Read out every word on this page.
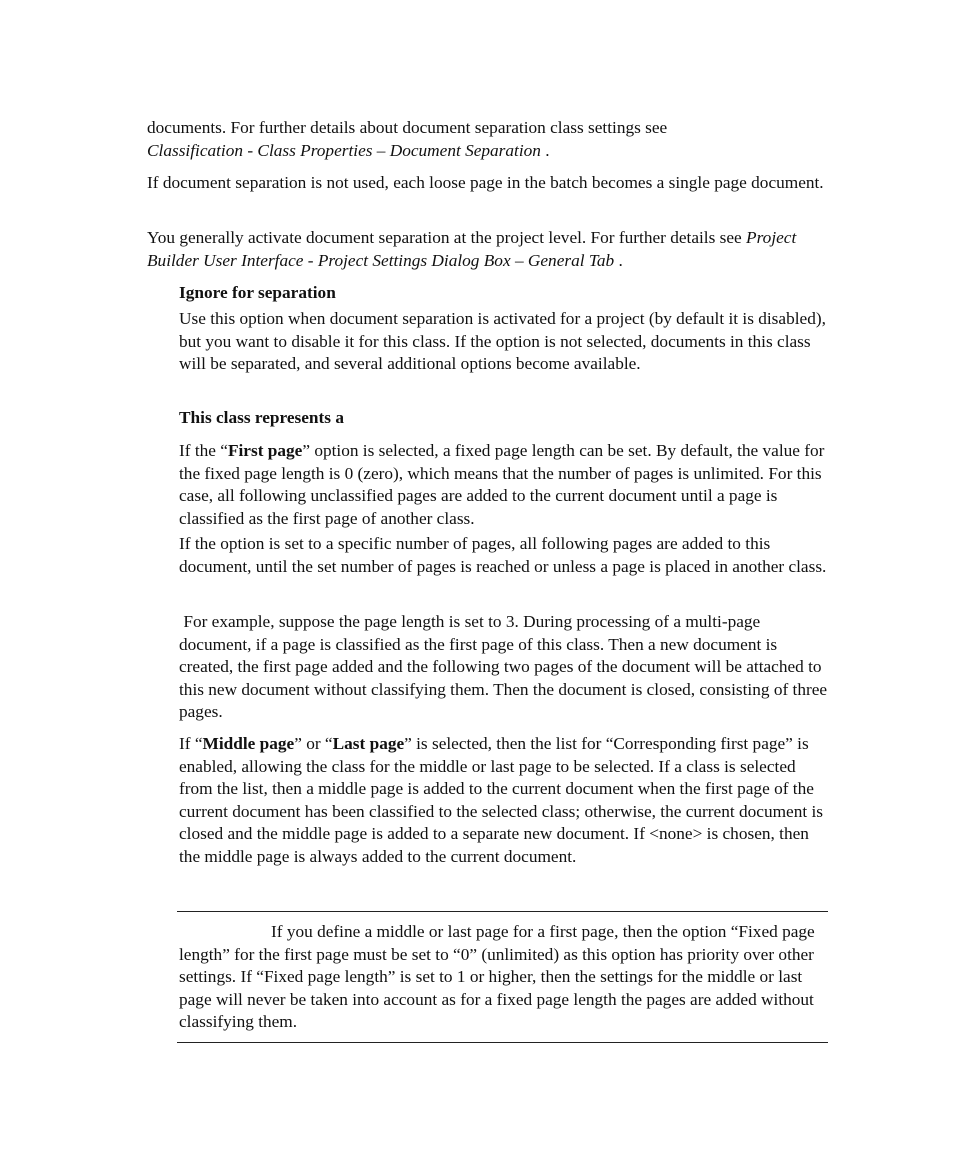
documents. For further details about document separation class settings see
Classification - Class Properties – Document Separation .

If document separation is not used, each loose page in the batch becomes a single page document.

You generally activate document separation at the project level. For further details see Project Builder User Interface - Project Settings Dialog Box – General Tab .

Ignore for separation

Use this option when document separation is activated for a project (by default it is disabled), but you want to disable it for this class. If the option is not selected, documents in this class will be separated, and several additional options become available.

This class represents a

If the “First page” option is selected, a fixed page length can be set. By default, the value for the fixed page length is 0 (zero), which means that the number of pages is unlimited. For this case, all following unclassified pages are added to the current document until a page is classified as the first page of another class.

If the option is set to a specific number of pages, all following pages are added to this document, until the set number of pages is reached or unless a page is placed in another class.

For example, suppose the page length is set to 3. During processing of a multi-page document, if a page is classified as the first page of this class. Then a new document is created, the first page added and the following two pages of the document will be attached to this new document without classifying them. Then the document is closed, consisting of three pages.

If “Middle page” or “Last page” is selected, then the list for “Corresponding first page” is enabled, allowing the class for the middle or last page to be selected. If a class is selected from the list, then a middle page is added to the current document when the first page of the current document has been classified to the selected class; otherwise, the current document is closed and the middle page is added to a separate new document. If <none> is chosen, then the middle page is always added to the current document.

If you define a middle or last page for a first page, then the option “Fixed page length” for the first page must be set to “0” (unlimited) as this option has priority over other settings. If “Fixed page length” is set to 1 or higher, then the settings for the middle or last page will never be taken into account as for a fixed page length the pages are added without classifying them.
